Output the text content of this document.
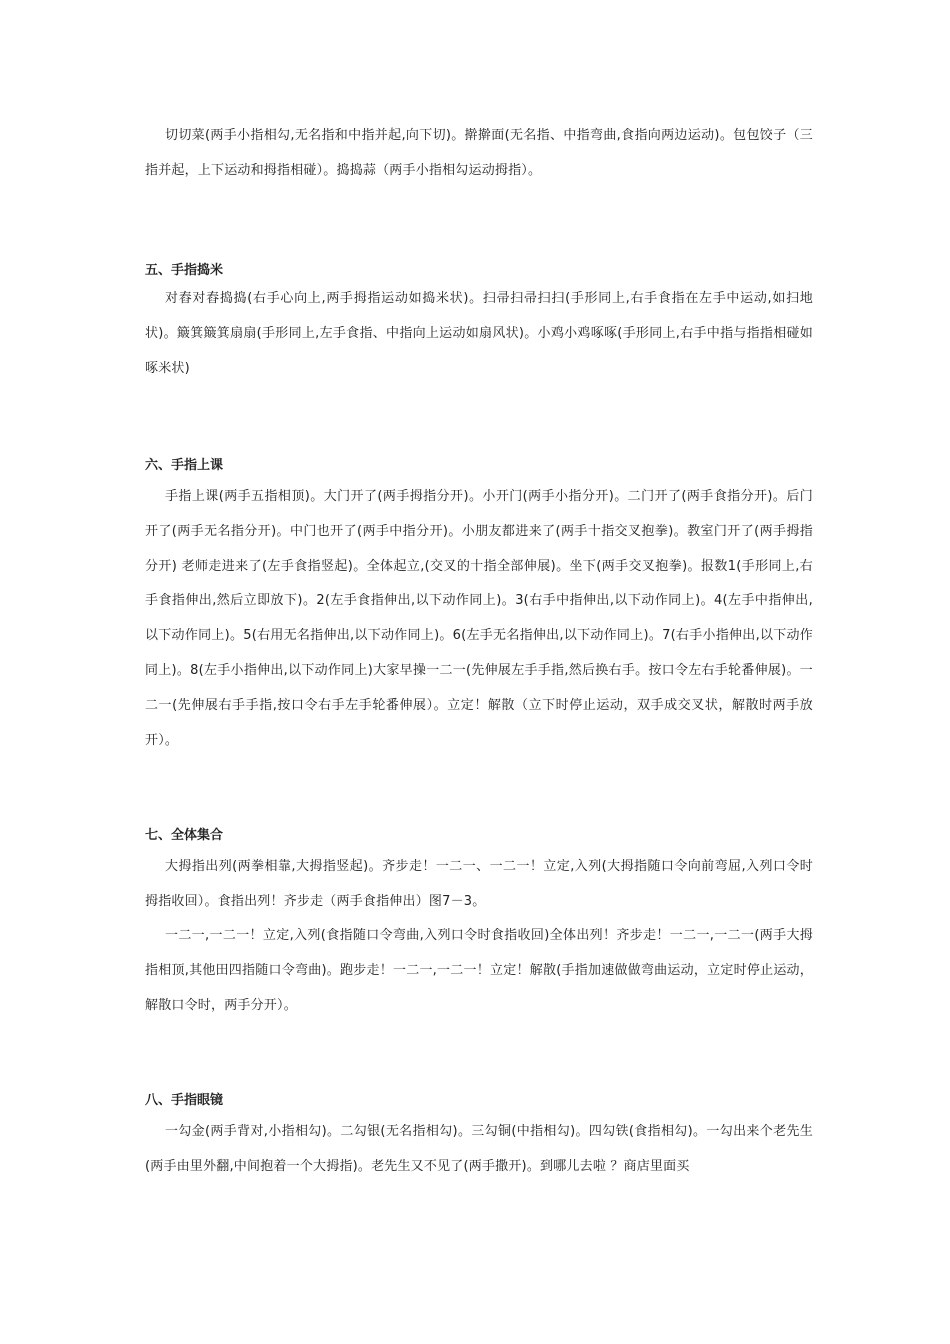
切切菜(两手小指相勾,无名指和中指并起,向下切)。擀擀面(无名指、中指弯曲,食指向两边运动)。包包饺子（三指并起，上下运动和拇指相碰）。捣捣蒜（两手小指相勾运动拇指）。

五、手指捣米

对舂对舂捣捣(右手心向上,两手拇指运动如捣米状)。扫帚扫帚扫扫(手形同上,右手食指在左手中运动,如扫地状)。簸箕簸箕扇扇(手形同上,左手食指、中指向上运动如扇风状)。小鸡小鸡啄啄(手形同上,右手中指与指指相碰如啄米状)

六、手指上课

手指上课(两手五指相顶)。大门开了(两手拇指分开)。小开门(两手小指分开)。二门开了(两手食指分开)。后门开了(两手无名指分开)。中门也开了(两手中指分开)。小朋友都进来了(两手十指交叉抱拳)。教室门开了(两手拇指分开) 老师走进来了(左手食指竖起)。全体起立,(交叉的十指全部伸展)。坐下(两手交叉抱拳)。报数1(手形同上,右手食指伸出,然后立即放下)。2(左手食指伸出,以下动作同上)。3(右手中指伸出,以下动作同上)。4(左手中指伸出,以下动作同上)。5(右用无名指伸出,以下动作同上)。6(左手无名指伸出,以下动作同上)。7(右手小指伸出,以下动作同上)。8(左手小指伸出,以下动作同上)大家早操一二一(先伸展左手手指,然后换右手。按口令左右手轮番伸展)。一二一(先伸展右手手指,按口令右手左手轮番伸展）。立定！解散（立下时停止运动，双手成交叉状，解散时两手放开）。

七、全体集合

大拇指出列(两拳相靠,大拇指竖起)。齐步走！一二一、一二一！立定,入列(大拇指随口令向前弯屈,入列口令时拇指收回）。食指出列！齐步走（两手食指伸出）图7－3。

一二一,一二一！立定,入列(食指随口令弯曲,入列口令时食指收回)全体出列！齐步走！一二一,一二一(两手大拇指相顶,其他田四指随口令弯曲)。跑步走！一二一,一二一！立定！解散(手指加速做做弯曲运动，立定时停止运动，解散口令时，两手分开）。

八、手指眼镜

一勾金(两手背对,小指相勾)。二勾银(无名指相勾)。三勾铜(中指相勾)。四勾铁(食指相勾)。一勾出来个老先生(两手由里外翻,中间抱着一个大拇指)。老先生又不见了(两手撒开)。到哪儿去啦 ？商店里面买
